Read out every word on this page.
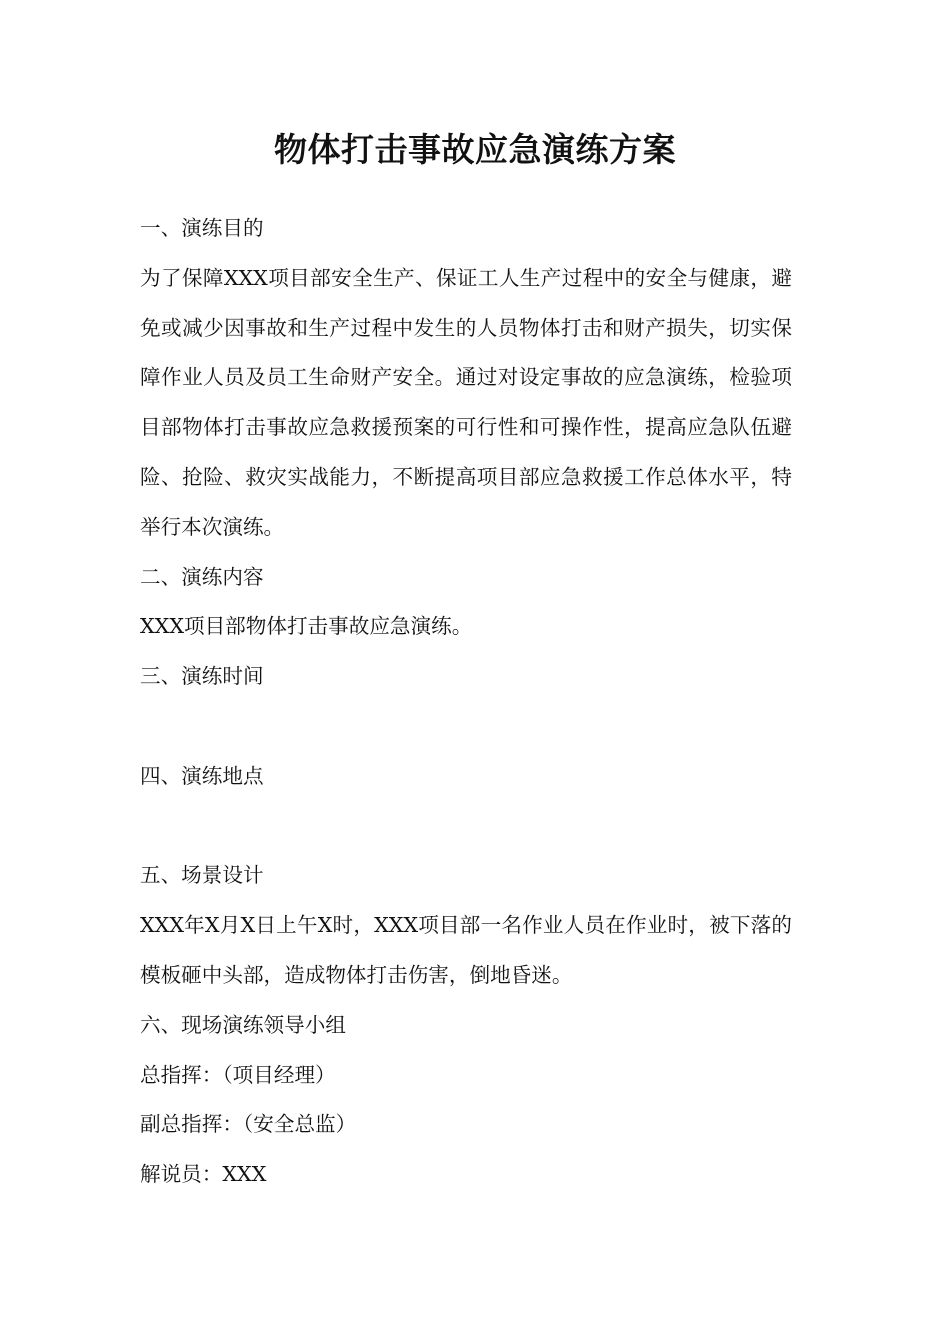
物体打击事故应急演练方案
一、演练目的
为了保障XXX项目部安全生产、保证工人生产过程中的安全与健康，避免或减少因事故和生产过程中发生的人员物体打击和财产损失，切实保障作业人员及员工生命财产安全。通过对设定事故的应急演练，检验项目部物体打击事故应急救援预案的可行性和可操作性，提高应急队伍避险、抢险、救灾实战能力，不断提高项目部应急救援工作总体水平，特举行本次演练。
二、演练内容
XXX项目部物体打击事故应急演练。
三、演练时间
四、演练地点
五、场景设计
XXX年X月X日上午X时，XXX项目部一名作业人员在作业时，被下落的模板砸中头部，造成物体打击伤害，倒地昏迷。
六、现场演练领导小组
总指挥：（项目经理）
副总指挥：（安全总监）
解说员：XXX
